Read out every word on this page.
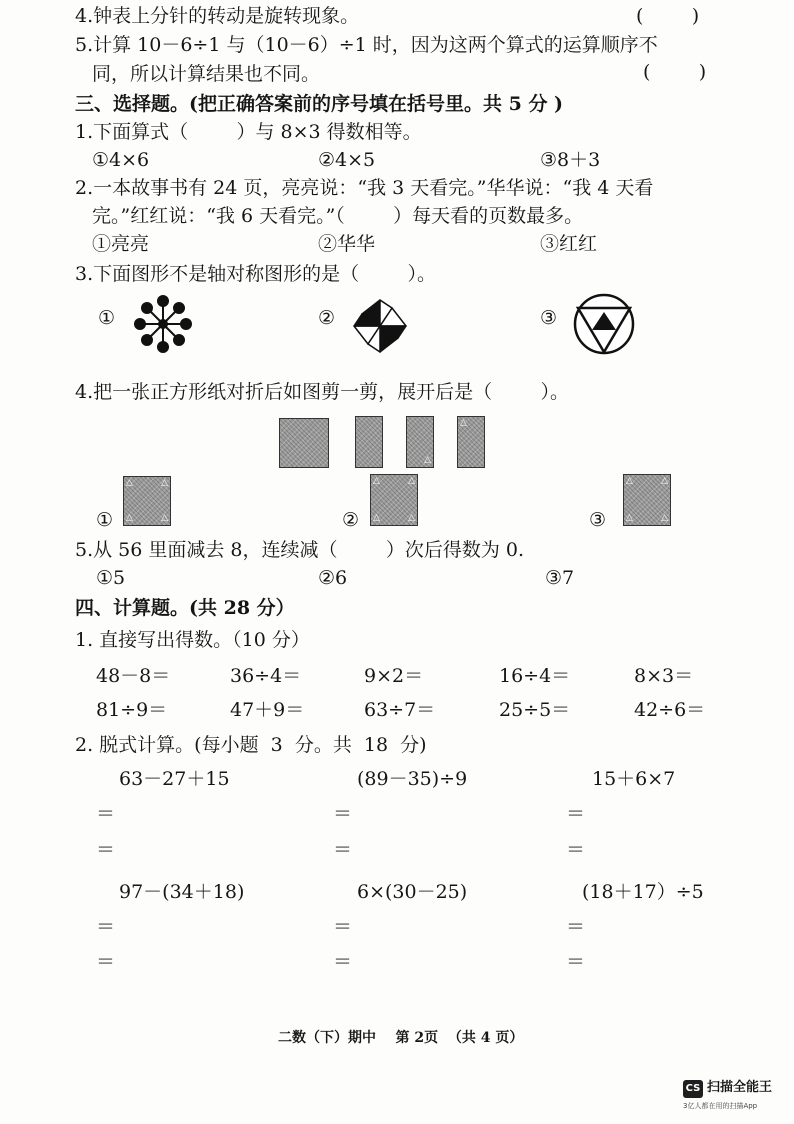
4.钟表上分针的转动是旋转现象。	(        )
5.计算 10－6÷1 与（10－6）÷1 时，因为这两个算式的运算顺序不
同，所以计算结果也不同。	(        )
三、选择题。(把正确答案前的序号填在括号里。共 5 分 )
1.下面算式（        ）与 8×3 得数相等。
①4×6	②4×5	③8＋3
2.一本故事书有 24 页，亮亮说：“我 3 天看完。”华华说：“我 4 天看
完。”红红说：“我 6 天看完。”（        ）每天看的页数最多。
①亮亮	②华华	③红红
3.下面图形不是轴对称图形的是（        ）。
①	②	③
4.把一张正方形纸对折后如图剪一剪，展开后是（        ）。
△
△
①
△	△
△	△	②
△	△
△	△	③
△	△
△	△
5.从 56 里面减去 8，连续减（        ）次后得数为 0.
①5	②6	③7
四、计算题。(共 28 分）
1. 直接写出得数。（10 分）
48－8＝	36÷4＝	9×2＝	16÷4＝	8×3＝
81÷9＝	47＋9＝	63÷7＝	25÷5＝	42÷6＝
2. 脱式计算。(每小题  3  分。共  18  分)
63－27＋15	(89－35)÷9	15＋6×7
＝	＝	＝
＝	＝	＝
97－(34＋18)	6×(30－25)	(18＋17）÷5
＝	＝	＝
＝	＝	＝
二数（下）期中    第 2页  （共 4 页）
CS 扫描全能王
3亿人都在用的扫描App
